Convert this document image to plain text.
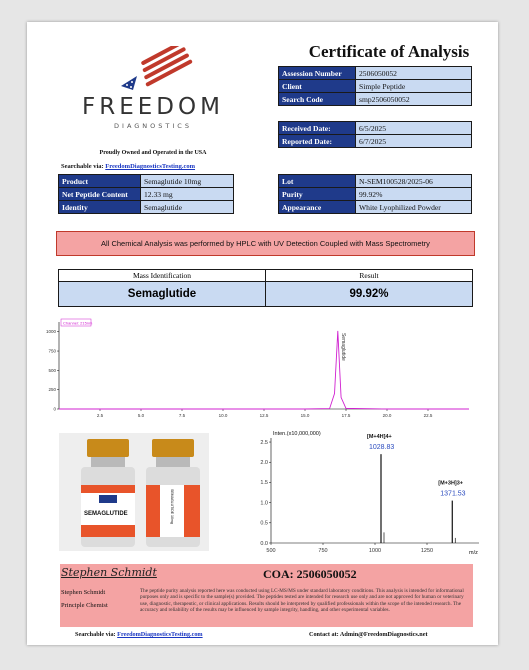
Certificate of Analysis
FREEDOM
DIAGNOSTICS
Proudly Owned and Operated in the USA
Searchable via: FreedomDiagnosticsTesting.com
Assession Number	2506050052
Client	Simple Peptide
Search Code	smp2506050052
Received Date:	6/5/2025
Reported Date:	6/7/2025
Product	Semaglutide 10mg
Net Peptide Content	12.33 mg
Identity	Semaglutide
Lot	N-SEM100528/2025-06
Purity	99.92%
Appearance	White Lyophilized Powder
All Chemical Analysis was performed by HPLC with UV Detection Coupled with Mass Spectrometry
Mass Identification	Result
Semaglutide	99.92%
Channel: 215nm
0
250
500
750
1000
2.5	5.0	7.5	10.0	12.5	15.0	17.5	20.0	22.5
Semaglutide
SEMAGLUTIDE	SEMAGLUTIDE 10mg
Inten.(x10,000,000)
m/z
0.0
0.5
1.0
1.5
2.0
2.5
500	750	1000	1250
[M+4H]4+
1028.83
[M+3H]3+
1371.53
Stephen Schmidt	COA: 2506050052
Stephen Schmidt
Principle Chemist
The peptide purity analysis reported here was conducted using LC-MS/MS under standard laboratory conditions. This analysis is intended for informational purposes only and is specific to the sample(s) provided. The peptides tested are intended for research use only and are not approved for human or veterinary use, diagnostic, therapeutic, or clinical applications. Results should be interpreted by qualified professionals within the scope of the intended research. The accuracy and reliability of the results may be influenced by sample integrity, handling, and other experimental variables.
Searchable via: FreedomDiagnosticsTesting.com	Contact at: Admin@FreedomDiagnostics.net
